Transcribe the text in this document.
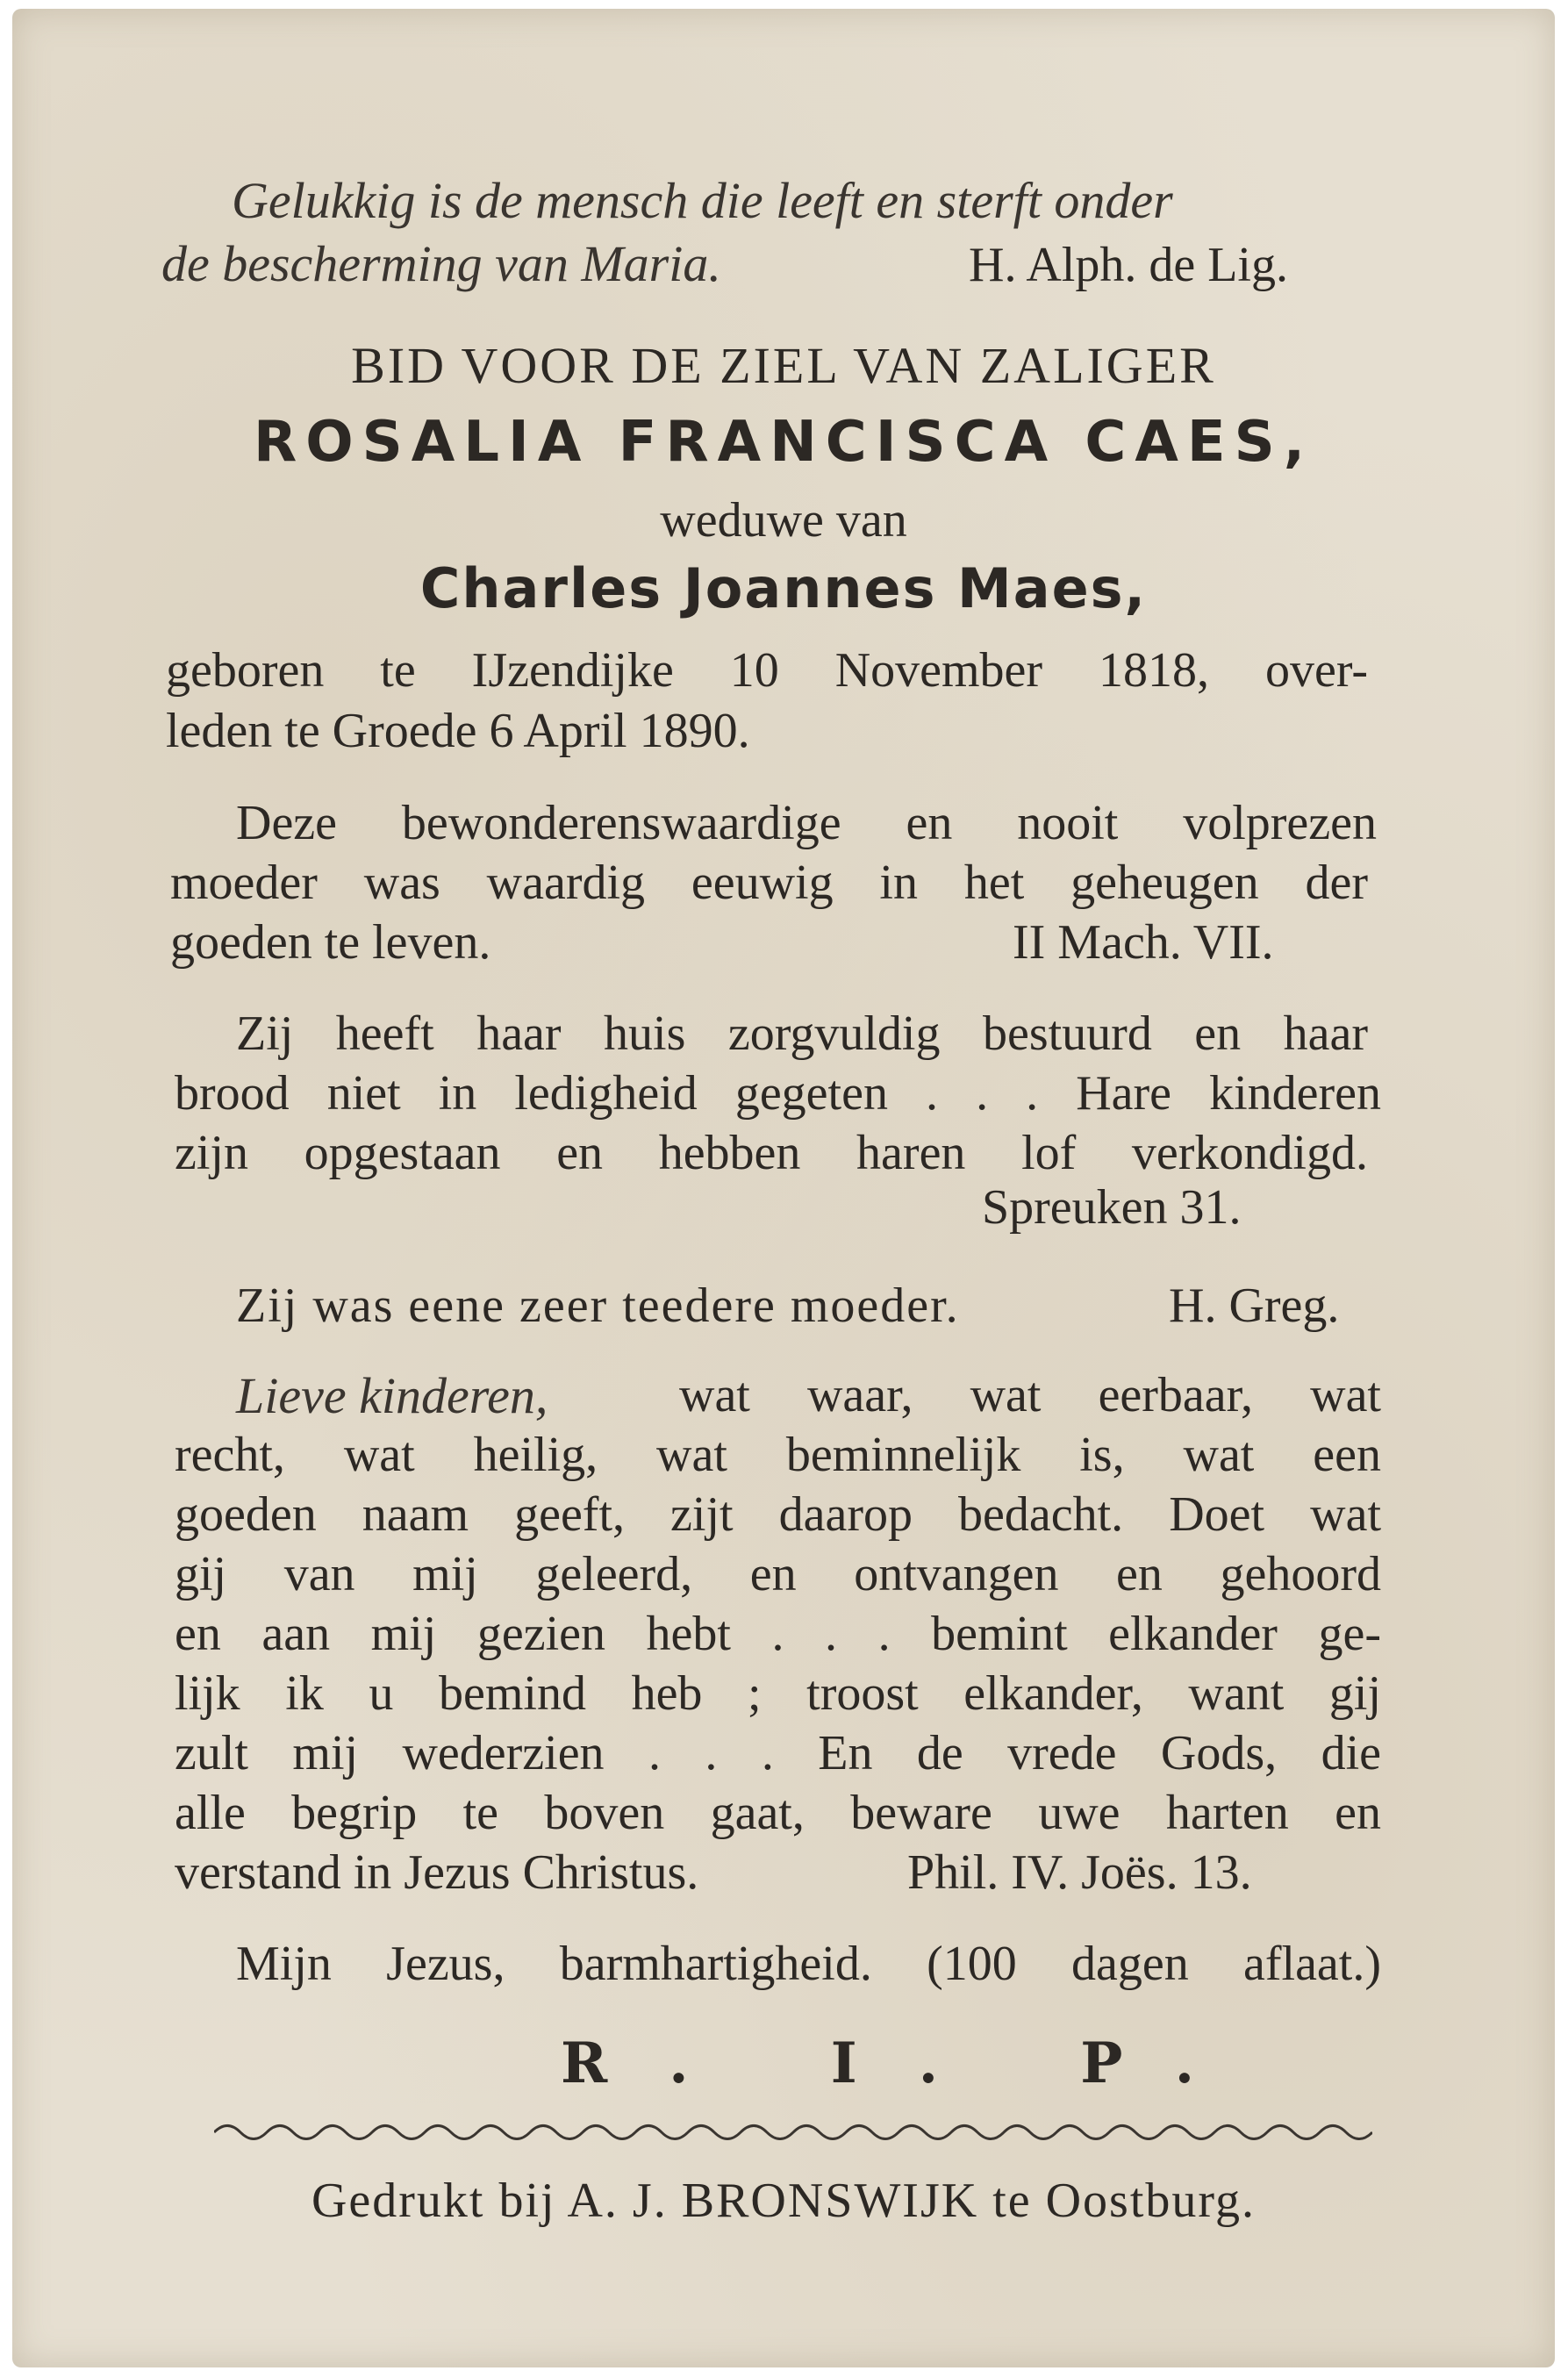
Gelukkig is de mensch die leeft en sterft onder
de bescherming van Maria.	H. Alph. de Lig.
BID VOOR DE ZIEL VAN ZALIGER
ROSALIA FRANCISCA CAES,
weduwe van
Charles Joannes Maes,
geboren te IJzendijke 10 November 1818, over-
leden te Groede 6 April 1890.
Deze bewonderenswaardige en nooit volprezen
moeder was waardig eeuwig in het geheugen der
goeden te leven.	II Mach. VII.
Zij heeft haar huis zorgvuldig bestuurd en haar
brood niet in ledigheid gegeten . . . Hare kinderen
zijn opgestaan en hebben haren lof verkondigd.
Spreuken 31.
Zij was eene zeer teedere moeder.	H. Greg.
Lieve kinderen,	wat waar, wat eerbaar, wat
recht, wat heilig, wat beminnelijk is, wat een
goeden naam geeft, zijt daarop bedacht. Doet wat
gij van mij geleerd, en ontvangen en gehoord
en aan mij gezien hebt . . . bemint elkander ge-
lijk ik u bemind heb ; troost elkander, want gij
zult mij wederzien . . . En de vrede Gods, die
alle begrip te boven gaat, beware uwe harten en
verstand in Jezus Christus.	Phil. IV. Joës. 13.
Mijn Jezus, barmhartigheid. (100 dagen aflaat.)
R. I. P.
Gedrukt bij A. J. BRONSWIJK te Oostburg.
